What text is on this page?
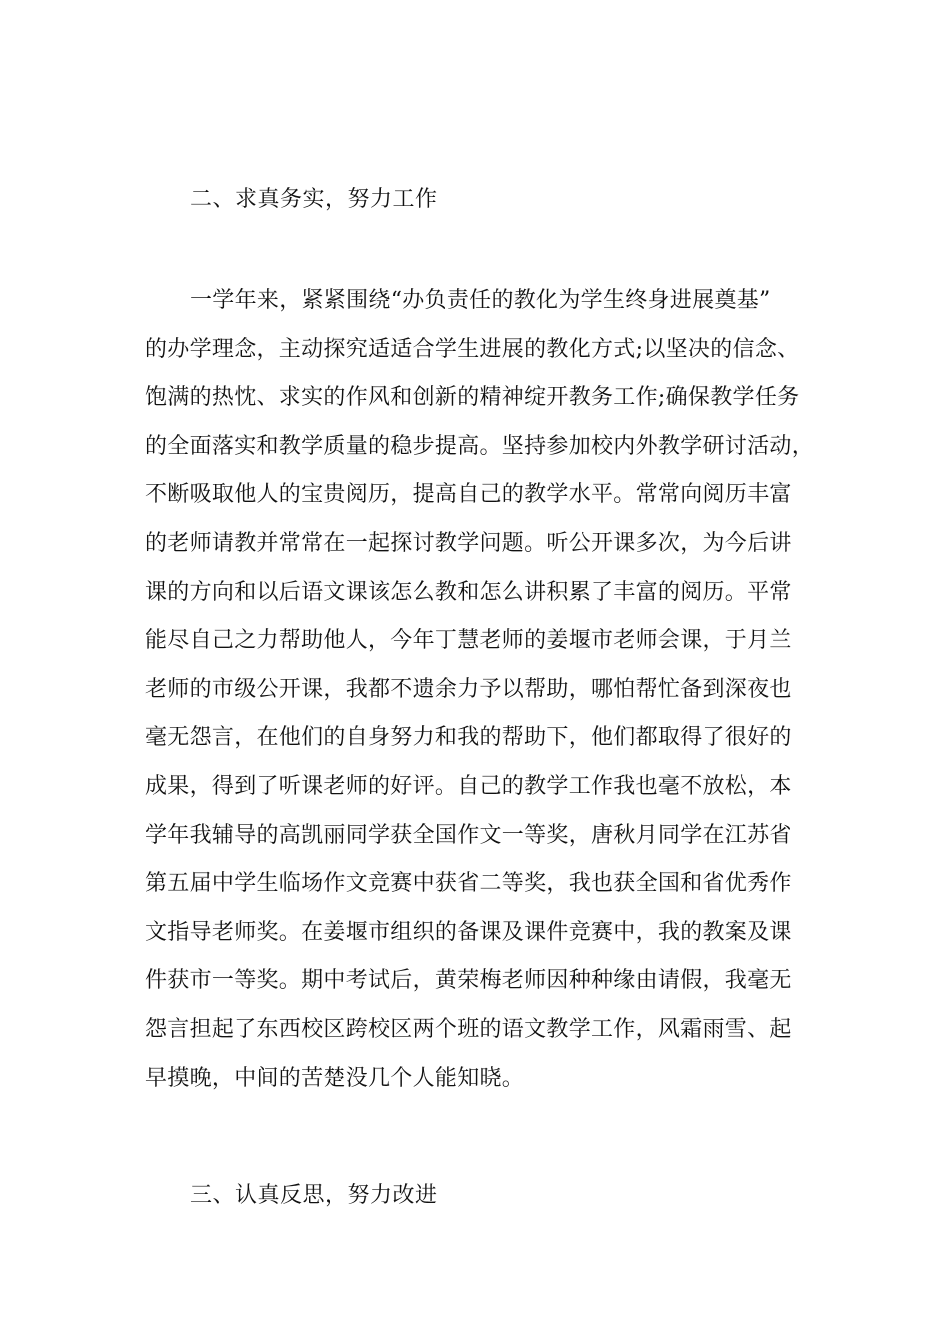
二、求真务实，努力工作
一学年来，紧紧围绕“办负责任的教化为学生终身进展奠基”
的办学理念，主动探究适适合学生进展的教化方式;以坚决的信念、
饱满的热忱、求实的作风和创新的精神绽开教务工作;确保教学任务
的全面落实和教学质量的稳步提高。坚持参加校内外教学研讨活动，
不断吸取他人的宝贵阅历，提高自己的教学水平。常常向阅历丰富
的老师请教并常常在一起探讨教学问题。听公开课多次，为今后讲
课的方向和以后语文课该怎么教和怎么讲积累了丰富的阅历。平常
能尽自己之力帮助他人，今年丁慧老师的姜堰市老师会课，于月兰
老师的市级公开课，我都不遗余力予以帮助，哪怕帮忙备到深夜也
毫无怨言，在他们的自身努力和我的帮助下，他们都取得了很好的
成果，得到了听课老师的好评。自己的教学工作我也毫不放松，本
学年我辅导的高凯丽同学获全国作文一等奖，唐秋月同学在江苏省
第五届中学生临场作文竞赛中获省二等奖，我也获全国和省优秀作
文指导老师奖。在姜堰市组织的备课及课件竞赛中，我的教案及课
件获市一等奖。期中考试后，黄荣梅老师因种种缘由请假，我毫无
怨言担起了东西校区跨校区两个班的语文教学工作，风霜雨雪、起
早摸晚，中间的苦楚没几个人能知晓。
三、认真反思，努力改进
